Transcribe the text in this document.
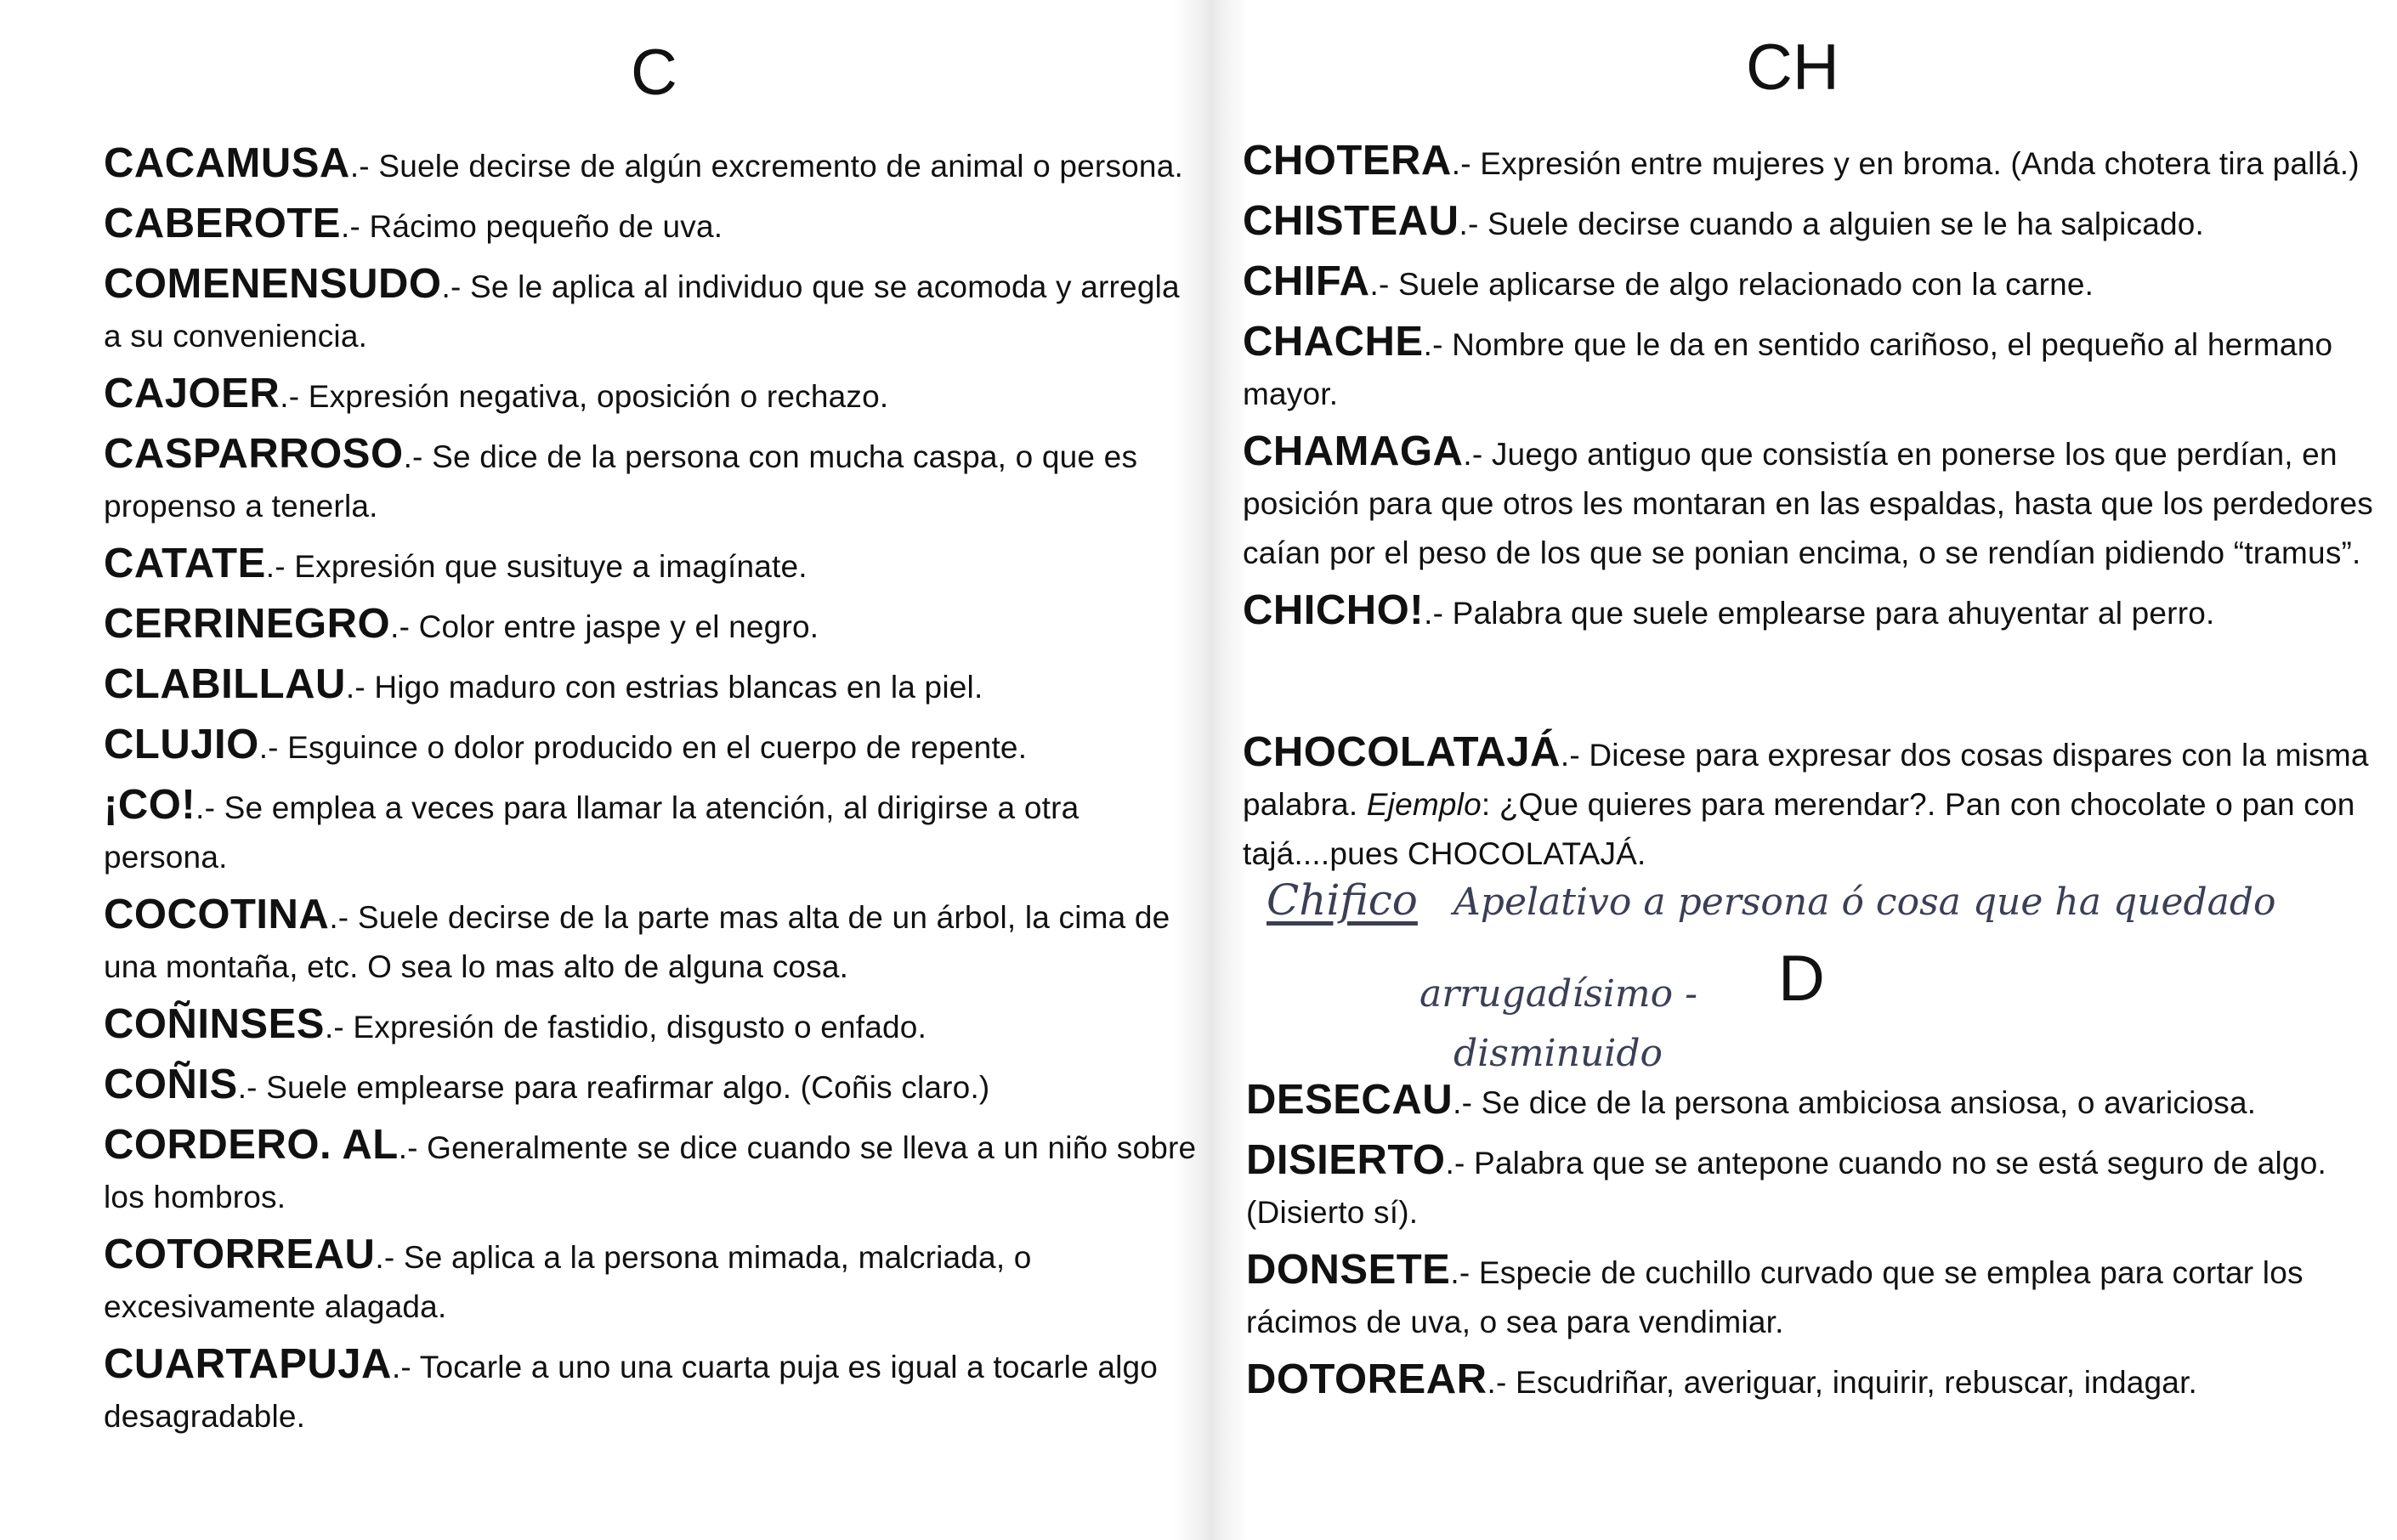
C
CACAMUSA.- Suele decirse de algún excremento de animal o persona.
CABEROTE.- Rácimo pequeño de uva.
COMENENSUDO.- Se le aplica al individuo que se acomoda y arregla a su conveniencia.
CAJOER.- Expresión negativa, oposición o rechazo.
CASPARROSO.- Se dice de la persona con mucha caspa, o que es propenso a tenerla.
CATATE.- Expresión que susituye a imagínate.
CERRINEGRO.- Color entre jaspe y el negro.
CLABILLAU.- Higo maduro con estrias blancas en la piel.
CLUJIO.- Esguince o dolor producido en el cuerpo de repente.
¡CO!.- Se emplea a veces para llamar la atención, al dirigirse a otra persona.
COCOTINA.- Suele decirse de la parte mas alta de un árbol, la cima de una montaña, etc. O sea lo mas alto de alguna cosa.
COÑINSES.- Expresión de fastidio, disgusto o enfado.
COÑIS.- Suele emplearse para reafirmar algo. (Coñis claro.)
CORDERO. AL.- Generalmente se dice cuando se lleva a un niño sobre los hombros.
COTORREAU.- Se aplica a la persona mimada, malcriada, o excesivamente alagada.
CUARTAPUJA.- Tocarle a uno una cuarta puja es igual a tocarle algo desagradable.
CH
CHOTERA.- Expresión entre mujeres y en broma. (Anda chotera tira pallá.)
CHISTEAU.- Suele decirse cuando a alguien se le ha salpicado.
CHIFA.- Suele aplicarse de algo relacionado con la carne.
CHACHE.- Nombre que le da en sentido cariñoso, el pequeño al hermano mayor.
CHAMAGA.- Juego antiguo que consistía en ponerse los que perdían, en posición para que otros les montaran en las espaldas, hasta que los perdedores caían por el peso de los que se ponian encima, o se rendían pidiendo “tramus”.
CHICHO!.- Palabra que suele emplearse para ahuyentar al perro.
CHOCOLATAJÁ.- Dicese para expresar dos cosas dispares con la misma palabra. Ejemplo: ¿Que quieres para merendar?. Pan con chocolate o pan con tajá....pues CHOCOLATAJÁ.
Chifico Apelativo a persona ó cosa que ha quedado
arrugadísimo -
disminuido
D
DESECAU.- Se dice de la persona ambiciosa ansiosa, o avariciosa.
DISIERTO.- Palabra que se antepone cuando no se está seguro de algo. (Disierto sí).
DONSETE.- Especie de cuchillo curvado que se emplea para cortar los rácimos de uva, o sea para vendimiar.
DOTOREAR.- Escudriñar, averiguar, inquirir, rebuscar, indagar.
